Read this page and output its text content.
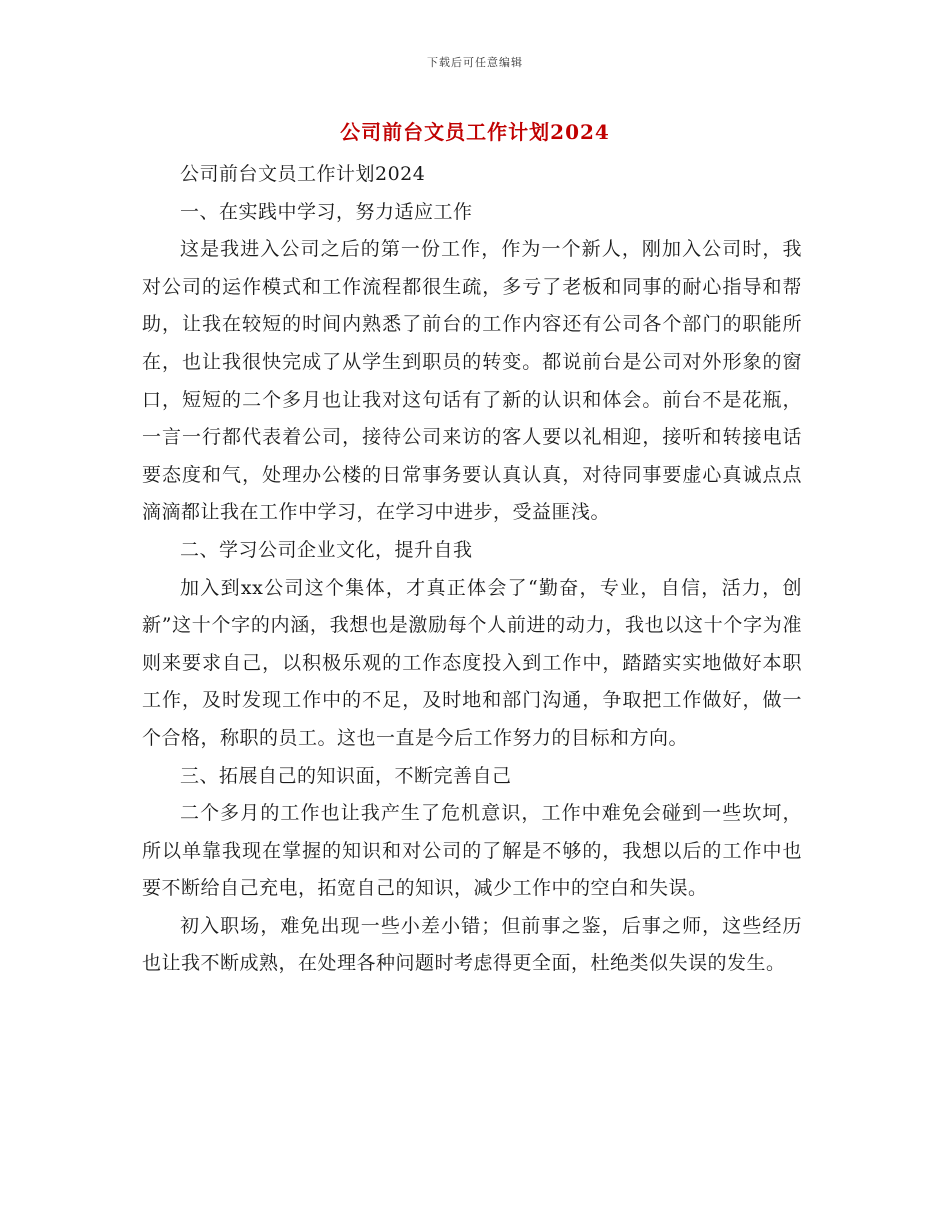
下载后可任意编辑
公司前台文员工作计划2024

公司前台文员工作计划2024

一、在实践中学习，努力适应工作

这是我进入公司之后的第一份工作，作为一个新人，刚加入公司时，我对公司的运作模式和工作流程都很生疏，多亏了老板和同事的耐心指导和帮助，让我在较短的时间内熟悉了前台的工作内容还有公司各个部门的职能所在，也让我很快完成了从学生到职员的转变。都说前台是公司对外形象的窗口，短短的二个多月也让我对这句话有了新的认识和体会。前台不是花瓶，一言一行都代表着公司，接待公司来访的客人要以礼相迎，接听和转接电话要态度和气，处理办公楼的日常事务要认真认真，对待同事要虚心真诚点点滴滴都让我在工作中学习，在学习中进步，受益匪浅。

二、学习公司企业文化，提升自我

加入到xx公司这个集体，才真正体会了“勤奋，专业，自信，活力，创新”这十个字的内涵，我想也是激励每个人前进的动力，我也以这十个字为准则来要求自己，以积极乐观的工作态度投入到工作中，踏踏实实地做好本职工作，及时发现工作中的不足，及时地和部门沟通，争取把工作做好，做一个合格，称职的员工。这也一直是今后工作努力的目标和方向。

三、拓展自己的知识面，不断完善自己

二个多月的工作也让我产生了危机意识，工作中难免会碰到一些坎坷，所以单靠我现在掌握的知识和对公司的了解是不够的，我想以后的工作中也要不断给自己充电，拓宽自己的知识，减少工作中的空白和失误。

初入职场，难免出现一些小差小错；但前事之鉴，后事之师，这些经历也让我不断成熟，在处理各种问题时考虑得更全面，杜绝类似失误的发生。
